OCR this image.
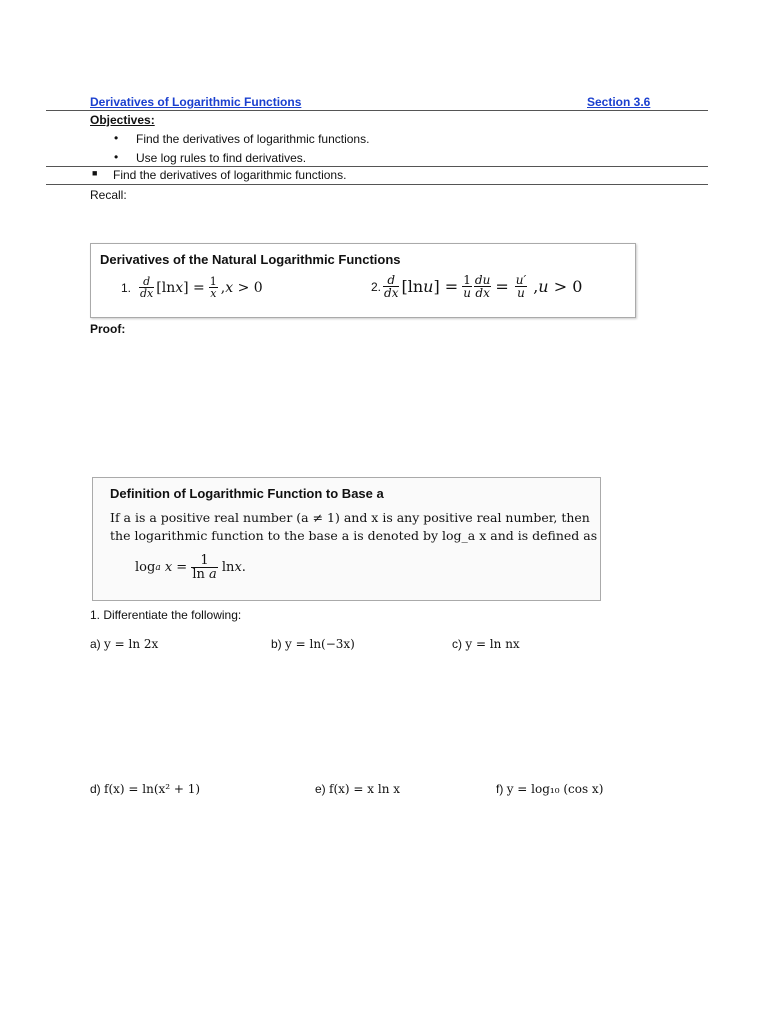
Derivatives of Logarithmic Functions	Section 3.6
Objectives:
• Find the derivatives of logarithmic functions.
• Use log rules to find derivatives.
■ Find the derivatives of logarithmic functions.
Recall:
Derivatives of the Natural Logarithmic Functions
1. $\frac{d}{dx} [\ln$ x ] = $\frac{1}{x}$ , x > 0	2. $\frac{d}{dx} [\ln$ u ] = $\frac{1}{u} \frac{du}{dx} = \frac{u'}{u}$ , u > 0
Proof:
Definition of Logarithmic Function to Base a
If a is a positive real number (a ≠ 1) and x is any positive real number, then
the logarithmic function to the base a is denoted by log_a x and is defined as
log a $x = \frac{1}{\text{ln a}}$ ln x .
1. Differentiate the following:
a) y = ln 2x	b) y = ln(−3x)	c) y = ln nx
d) f(x) = ln(x² + 1)	e) f(x) = x ln x	f) y = log₁₀ (cos x)
